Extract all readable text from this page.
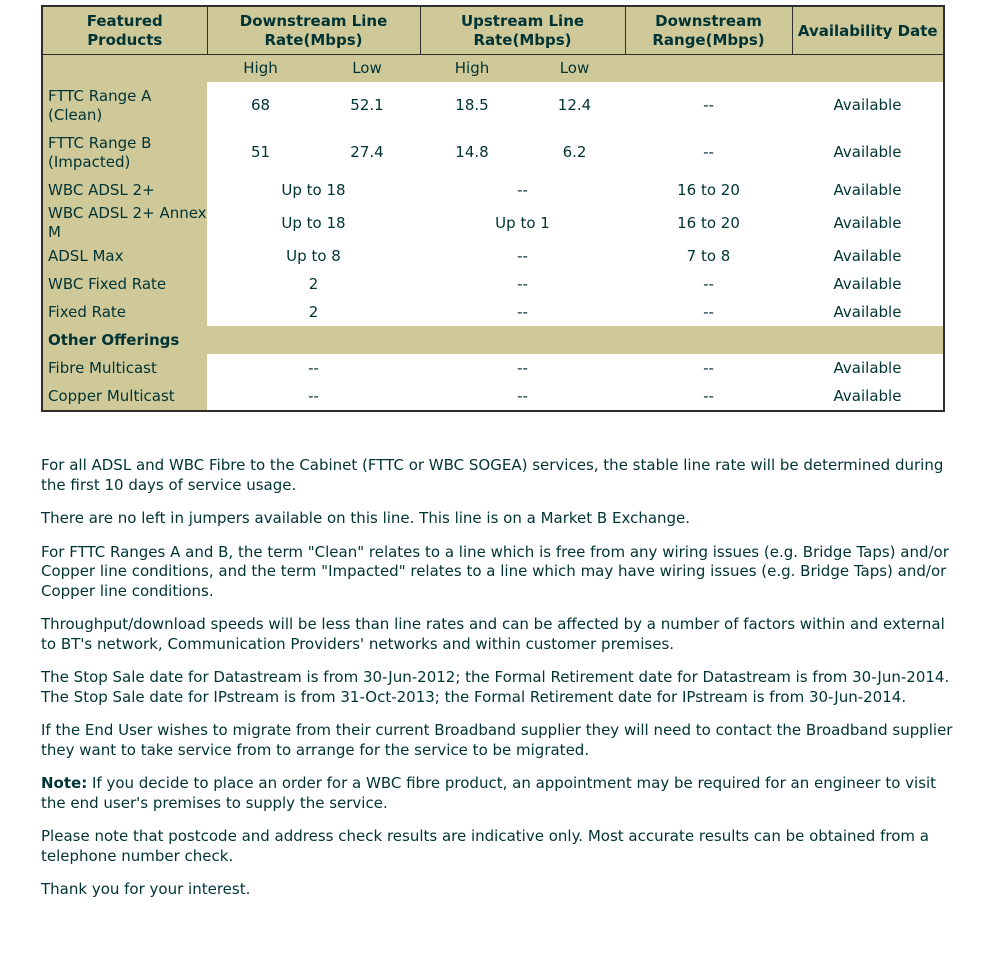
Featured Products	Downstream Line Rate(Mbps)		Upstream Line Rate(Mbps)		Downstream Range(Mbps)	Availability Date
	High	Low	High	Low		
FTTC Range A (Clean)	68	52.1	18.5	12.4	--	Available
FTTC Range B (Impacted)	51	27.4	14.8	6.2	--	Available
WBC ADSL 2+	Up to 18		--		16 to 20	Available
WBC ADSL 2+ Annex M	Up to 18		Up to 1		16 to 20	Available
ADSL Max	Up to 8		--		7 to 8	Available
WBC Fixed Rate	2		--		--	Available
Fixed Rate	2		--		--	Available
Other Offerings						
Fibre Multicast	--		--		--	Available
Copper Multicast	--		--		--	Available

For all ADSL and WBC Fibre to the Cabinet (FTTC or WBC SOGEA) services, the stable line rate will be determined during the first 10 days of service usage.

There are no left in jumpers available on this line. This line is on a Market B Exchange.

For FTTC Ranges A and B, the term "Clean" relates to a line which is free from any wiring issues (e.g. Bridge Taps) and/or Copper line conditions, and the term "Impacted" relates to a line which may have wiring issues (e.g. Bridge Taps) and/or Copper line conditions.

Throughput/download speeds will be less than line rates and can be affected by a number of factors within and external to BT's network, Communication Providers' networks and within customer premises.

The Stop Sale date for Datastream is from 30-Jun-2012; the Formal Retirement date for Datastream is from 30-Jun-2014. The Stop Sale date for IPstream is from 31-Oct-2013; the Formal Retirement date for IPstream is from 30-Jun-2014.

If the End User wishes to migrate from their current Broadband supplier they will need to contact the Broadband supplier they want to take service from to arrange for the service to be migrated.

Note: If you decide to place an order for a WBC fibre product, an appointment may be required for an engineer to visit the end user's premises to supply the service.

Please note that postcode and address check results are indicative only. Most accurate results can be obtained from a telephone number check.

Thank you for your interest.
